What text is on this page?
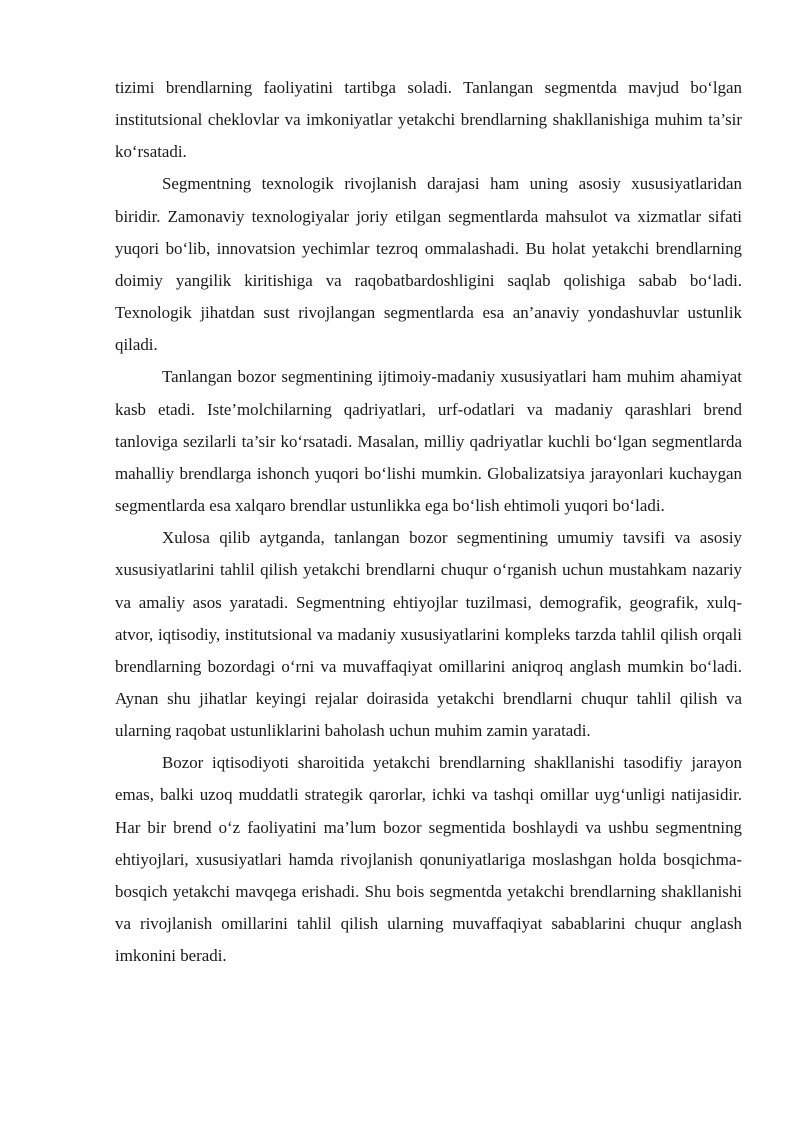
tizimi brendlarning faoliyatini tartibga soladi. Tanlangan segmentda mavjud bo‘lgan institutsional cheklovlar va imkoniyatlar yetakchi brendlarning shakllanishiga muhim ta’sir ko‘rsatadi.

Segmentning texnologik rivojlanish darajasi ham uning asosiy xususiyatlaridan biridir. Zamonaviy texnologiyalar joriy etilgan segmentlarda mahsulot va xizmatlar sifati yuqori bo‘lib, innovatsion yechimlar tezroq ommalashadi. Bu holat yetakchi brendlarning doimiy yangilik kiritishiga va raqobatbardoshligini saqlab qolishiga sabab bo‘ladi. Texnologik jihatdan sust rivojlangan segmentlarda esa an’anaviy yondashuvlar ustunlik qiladi.

Tanlangan bozor segmentining ijtimoiy-madaniy xususiyatlari ham muhim ahamiyat kasb etadi. Iste’molchilarning qadriyatlari, urf-odatlari va madaniy qarashlari brend tanloviga sezilarli ta’sir ko‘rsatadi. Masalan, milliy qadriyatlar kuchli bo‘lgan segmentlarda mahalliy brendlarga ishonch yuqori bo‘lishi mumkin. Globalizatsiya jarayonlari kuchaygan segmentlarda esa xalqaro brendlar ustunlikka ega bo‘lish ehtimoli yuqori bo‘ladi.

Xulosa qilib aytganda, tanlangan bozor segmentining umumiy tavsifi va asosiy xususiyatlarini tahlil qilish yetakchi brendlarni chuqur o‘rganish uchun mustahkam nazariy va amaliy asos yaratadi. Segmentning ehtiyojlar tuzilmasi, demografik, geografik, xulq-atvor, iqtisodiy, institutsional va madaniy xususiyatlarini kompleks tarzda tahlil qilish orqali brendlarning bozordagi o‘rni va muvaffaqiyat omillarini aniqroq anglash mumkin bo‘ladi. Aynan shu jihatlar keyingi rejalar doirasida yetakchi brendlarni chuqur tahlil qilish va ularning raqobat ustunliklarini baholash uchun muhim zamin yaratadi.

Bozor iqtisodiyoti sharoitida yetakchi brendlarning shakllanishi tasodifiy jarayon emas, balki uzoq muddatli strategik qarorlar, ichki va tashqi omillar uyg‘unligi natijasidir. Har bir brend o‘z faoliyatini ma’lum bozor segmentida boshlaydi va ushbu segmentning ehtiyojlari, xususiyatlari hamda rivojlanish qonuniyatlariga moslashgan holda bosqichma-bosqich yetakchi mavqega erishadi. Shu bois segmentda yetakchi brendlarning shakllanishi va rivojlanish omillarini tahlil qilish ularning muvaffaqiyat sabablarini chuqur anglash imkonini beradi.
